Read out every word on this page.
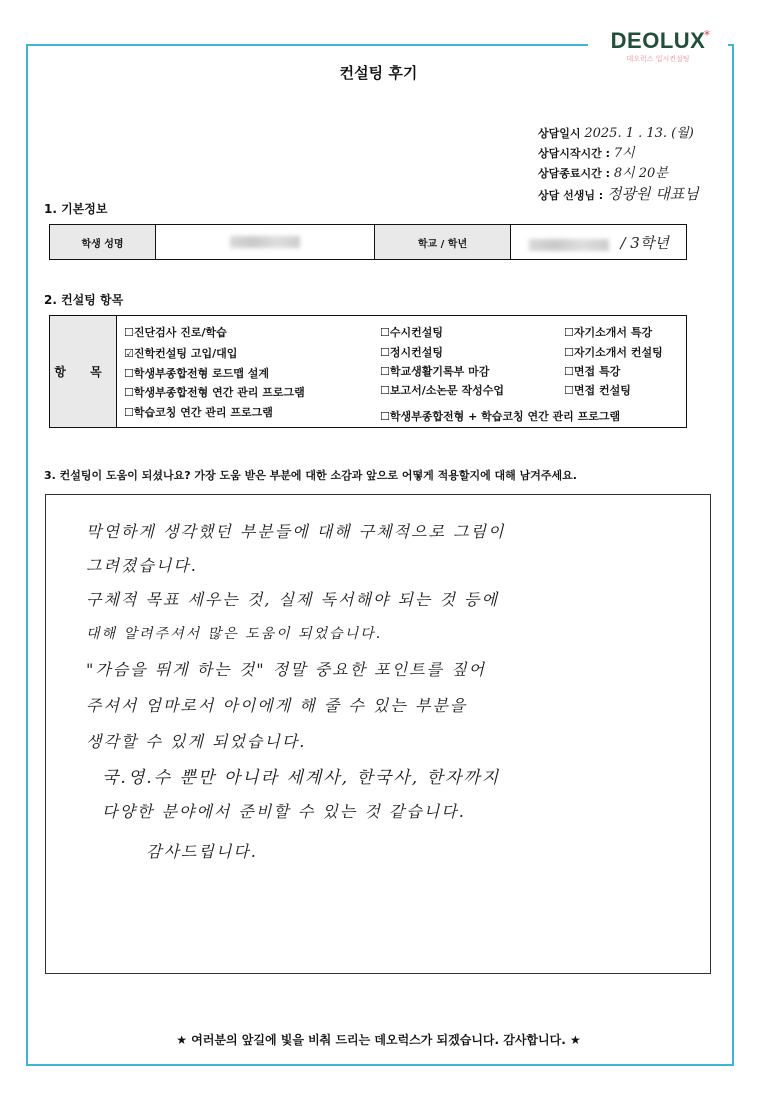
DEOLUX
*
데오럭스 입시컨설팅
컨설팅 후기
상담일시 2025. 1 . 13. (월)
상담시작시간 : 7시
상담종료시간 : 8시 20분
상담 선생님 : 정광원 대표님
1. 기본정보
학생 성명		학교 / 학년	/ 3학년
2. 컨설팅 항목
항 목
☐진단검사 진로/학습
☑진학컨설팅 고입/대입
☐학생부종합전형 로드맵 설계
☐학생부종합전형 연간 관리 프로그램
☐학습코칭 연간 관리 프로그램
☐수시컨설팅
☐정시컨설팅
☐학교생활기록부 마감
☐보고서/소논문 작성수업
☐학생부종합전형 + 학습코칭 연간 관리 프로그램
☐자기소개서 특강
☐자기소개서 컨설팅
☐면접 특강
☐면접 컨설팅
3. 컨설팅이 도움이 되셨나요? 가장 도움 받은 부분에 대한 소감과 앞으로 어떻게 적용할지에 대해 남겨주세요.
막연하게 생각했던 부분들에 대해 구체적으로 그림이
그려졌습니다.
구체적 목표 세우는 것, 실제 독서해야 되는 것 등에
대해 알려주셔서 많은 도움이 되었습니다.
"가슴을 뛰게 하는 것" 정말 중요한 포인트를 짚어
주셔서 엄마로서 아이에게 해 줄 수 있는 부분을
생각할 수 있게 되었습니다.
국.영.수 뿐만 아니라 세계사, 한국사, 한자까지
다양한 분야에서 준비할 수 있는 것 같습니다.
감사드립니다.
★ 여러분의 앞길에 빛을 비춰 드리는 데오럭스가 되겠습니다. 감사합니다. ★
